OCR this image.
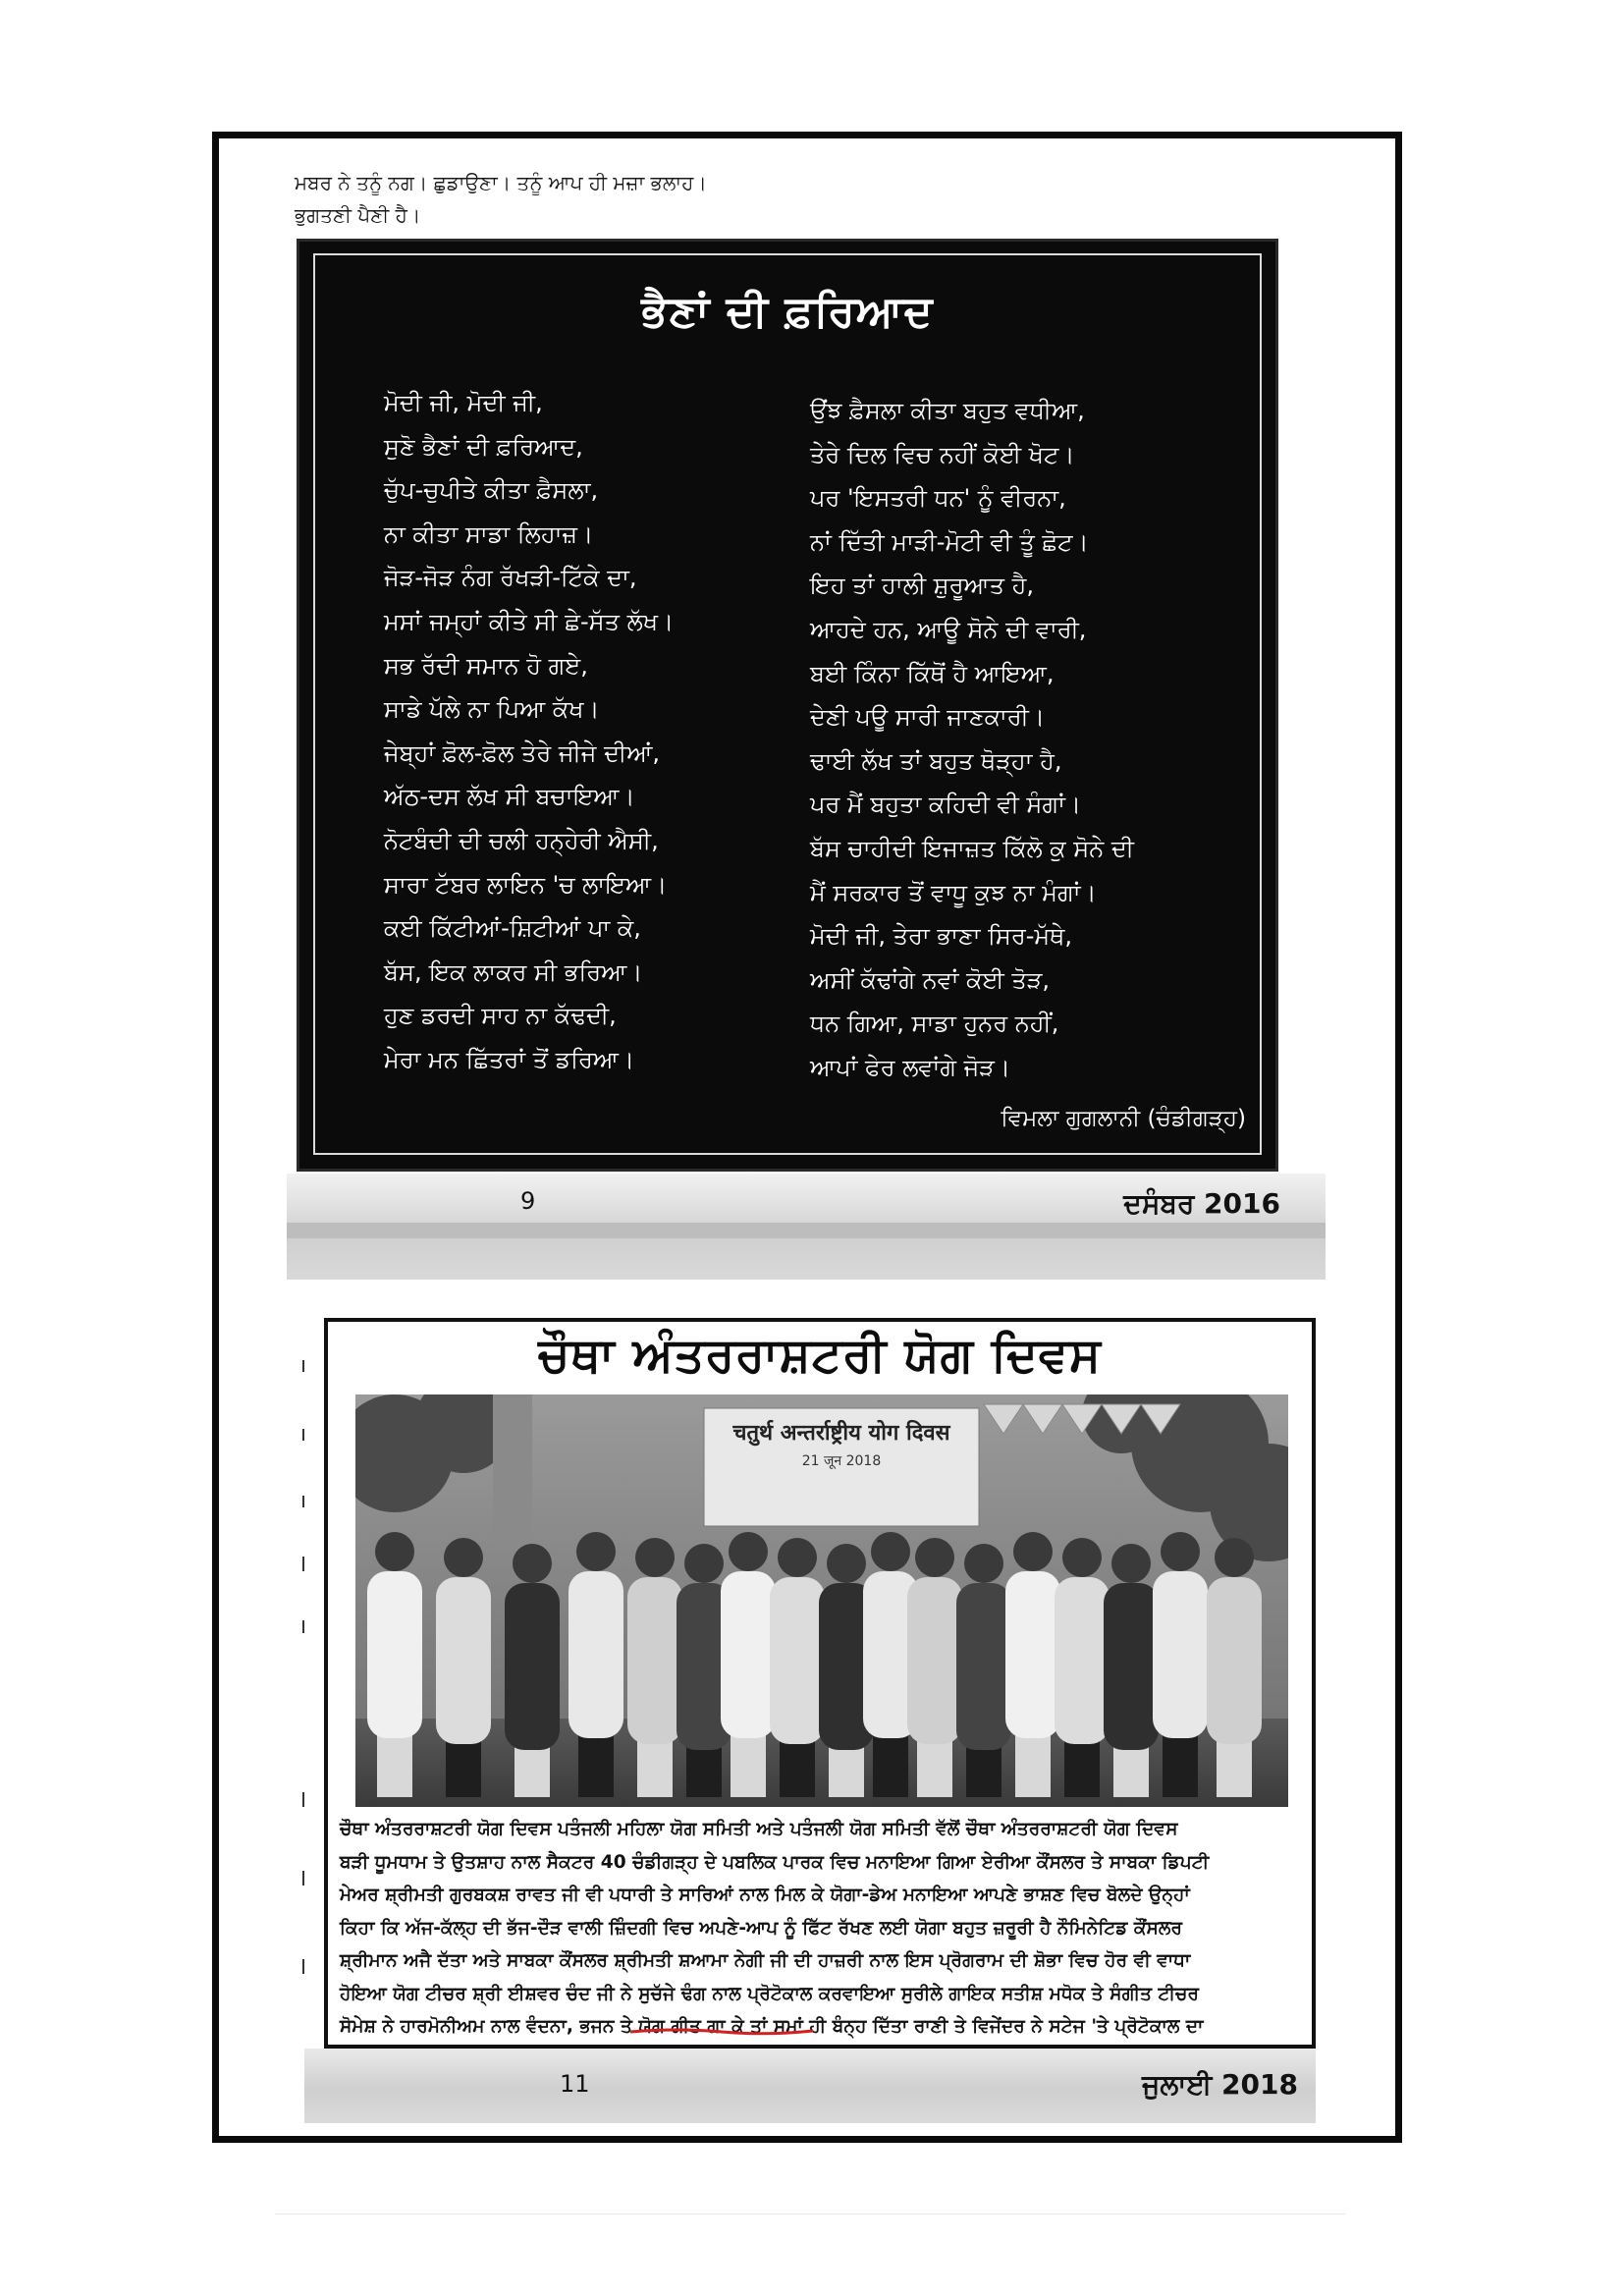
ਮਬਰ ਨੇ ਤਨੂੰ ਨਗ। ਛੁਡਾਉਣਾ। ਤਨੂੰ ਆਪ ਹੀ ਮਜ਼ਾ ਭਲਾਹ।
ਭੁਗਤਣੀ ਪੈਣੀ ਹੈ।
ਭੈਣਾਂ ਦੀ ਫ਼ਰਿਆਦ
ਮੋਦੀ ਜੀ, ਮੋਦੀ ਜੀ,
ਸੁਣੋ ਭੈਣਾਂ ਦੀ ਫ਼ਰਿਆਦ,
ਚੁੱਪ-ਚੁਪੀਤੇ ਕੀਤਾ ਫ਼ੈਸਲਾ,
ਨਾ ਕੀਤਾ ਸਾਡਾ ਲਿਹਾਜ਼।
ਜੋੜ-ਜੋੜ ਨੰਗ ਰੱਖੜੀ-ਟਿੱਕੇ ਦਾ,
ਮਸਾਂ ਜਮ੍ਹਾਂ ਕੀਤੇ ਸੀ ਛੇ-ਸੱਤ ਲੱਖ।
ਸਭ ਰੱਦੀ ਸਮਾਨ ਹੋ ਗਏ,
ਸਾਡੇ ਪੱਲੇ ਨਾ ਪਿਆ ਕੱਖ।
ਜੇਬ੍ਹਾਂ ਫ਼ੋਲ-ਫ਼ੋਲ ਤੇਰੇ ਜੀਜੇ ਦੀਆਂ,
ਅੱਠ-ਦਸ ਲੱਖ ਸੀ ਬਚਾਇਆ।
ਨੋਟਬੰਦੀ ਦੀ ਚਲੀ ਹਨ੍ਹੇਰੀ ਐਸੀ,
ਸਾਰਾ ਟੱਬਰ ਲਾਇਨ 'ਚ ਲਾਇਆ।
ਕਈ ਕਿੱਟੀਆਂ-ਸ਼ਿਟੀਆਂ ਪਾ ਕੇ,
ਬੱਸ, ਇਕ ਲਾਕਰ ਸੀ ਭਰਿਆ।
ਹੁਣ ਡਰਦੀ ਸਾਹ ਨਾ ਕੱਢਦੀ,
ਮੇਰਾ ਮਨ ਛਿੱਤਰਾਂ ਤੋਂ ਡਰਿਆ।
ਉਂਝ ਫ਼ੈਸਲਾ ਕੀਤਾ ਬਹੁਤ ਵਧੀਆ,
ਤੇਰੇ ਦਿਲ ਵਿਚ ਨਹੀਂ ਕੋਈ ਖੋਟ।
ਪਰ 'ਇਸਤਰੀ ਧਨ' ਨੂੰ ਵੀਰਨਾ,
ਨਾਂ ਦਿੱਤੀ ਮਾੜੀ-ਮੋਟੀ ਵੀ ਤੂੰ ਛੋਟ।
ਇਹ ਤਾਂ ਹਾਲੀ ਸ਼ੁਰੂਆਤ ਹੈ,
ਆਹਦੇ ਹਨ, ਆਊ ਸੋਨੇ ਦੀ ਵਾਰੀ,
ਬਈ ਕਿੰਨਾ ਕਿੱਥੋਂ ਹੈ ਆਇਆ,
ਦੇਣੀ ਪਊ ਸਾਰੀ ਜਾਣਕਾਰੀ।
ਢਾਈ ਲੱਖ ਤਾਂ ਬਹੁਤ ਥੋੜ੍ਹਾ ਹੈ,
ਪਰ ਮੈਂ ਬਹੁਤਾ ਕਹਿਦੀ ਵੀ ਸੰਗਾਂ।
ਬੱਸ ਚਾਹੀਦੀ ਇਜਾਜ਼ਤ ਕਿੱਲੋ ਕੁ ਸੋਨੇ ਦੀ
ਮੈਂ ਸਰਕਾਰ ਤੋਂ ਵਾਧੂ ਕੁਝ ਨਾ ਮੰਗਾਂ।
ਮੋਦੀ ਜੀ, ਤੇਰਾ ਭਾਣਾ ਸਿਰ-ਮੱਥੇ,
ਅਸੀਂ ਕੱਢਾਂਗੇ ਨਵਾਂ ਕੋਈ ਤੋੜ,
ਧਨ ਗਿਆ, ਸਾਡਾ ਹੁਨਰ ਨਹੀਂ,
ਆਪਾਂ ਫੇਰ ਲਵਾਂਗੇ ਜੋੜ।
ਵਿਮਲਾ ਗੁਗਲਾਨੀ (ਚੰਡੀਗੜ੍ਹ)
9	ਦਸੰਬਰ 2016
ਚੌਥਾ ਅੰਤਰਰਾਸ਼ਟਰੀ ਯੋਗ ਦਿਵਸ
चतुर्थ अन्तर्राष्ट्रीय योग दिवस
21 जून 2018
ਚੌਥਾ ਅੰਤਰਰਾਸ਼ਟਰੀ ਯੋਗ ਦਿਵਸ ਪਤੰਜਲੀ ਮਹਿਲਾ ਯੋਗ ਸਮਿਤੀ ਅਤੇ ਪਤੰਜਲੀ ਯੋਗ ਸਮਿਤੀ ਵੱਲੋਂ ਚੌਥਾ ਅੰਤਰਰਾਸ਼ਟਰੀ ਯੋਗ ਦਿਵਸ
ਬੜੀ ਧੂਮਧਾਮ ਤੇ ਉਤਸ਼ਾਹ ਨਾਲ ਸੈਕਟਰ 40 ਚੰਡੀਗੜ੍ਹ ਦੇ ਪਬਲਿਕ ਪਾਰਕ ਵਿਚ ਮਨਾਇਆ ਗਿਆ ਏਰੀਆ ਕੌਂਸਲਰ ਤੇ ਸਾਬਕਾ ਡਿਪਟੀ
ਮੇਅਰ ਸ਼੍ਰੀਮਤੀ ਗੁਰਬਕਸ਼ ਰਾਵਤ ਜੀ ਵੀ ਪਧਾਰੀ ਤੇ ਸਾਰਿਆਂ ਨਾਲ ਮਿਲ ਕੇ ਯੋਗਾ-ਡੇਅ ਮਨਾਇਆ ਆਪਣੇ ਭਾਸ਼ਣ ਵਿਚ ਬੋਲਦੇ ਉਨ੍ਹਾਂ
ਕਿਹਾ ਕਿ ਅੱਜ-ਕੱਲ੍ਹ ਦੀ ਭੱਜ-ਦੌੜ ਵਾਲੀ ਜ਼ਿੰਦਗੀ ਵਿਚ ਅਪਣੇ-ਆਪ ਨੂੰ ਫਿੱਟ ਰੱਖਣ ਲਈ ਯੋਗਾ ਬਹੁਤ ਜ਼ਰੂਰੀ ਹੈ ਨੌਮਿਨੇਟਿਡ ਕੌਂਸਲਰ
ਸ਼੍ਰੀਮਾਨ ਅਜੈ ਦੱਤਾ ਅਤੇ ਸਾਬਕਾ ਕੌਂਸਲਰ ਸ਼੍ਰੀਮਤੀ ਸ਼ਆਮਾ ਨੇਗੀ ਜੀ ਦੀ ਹਾਜ਼ਰੀ ਨਾਲ ਇਸ ਪ੍ਰੋਗਰਾਮ ਦੀ ਸ਼ੋਭਾ ਵਿਚ ਹੋਰ ਵੀ ਵਾਧਾ
ਹੋਇਆ ਯੋਗ ਟੀਚਰ ਸ਼੍ਰੀ ਈਸ਼ਵਰ ਚੰਦ ਜੀ ਨੇ ਸੁਚੱਜੇ ਢੰਗ ਨਾਲ ਪ੍ਰੋਟੋਕਾਲ ਕਰਵਾਇਆ ਸੁਰੀਲੇ ਗਾਇਕ ਸਤੀਸ਼ ਮਧੋਕ ਤੇ ਸੰਗੀਤ ਟੀਚਰ
ਸੋਮੇਸ਼ ਨੇ ਹਾਰਮੋਨੀਅਮ ਨਾਲ ਵੰਦਨਾ, ਭਜਨ ਤੇ ਯੋਗ ਗੀਤ ਗਾ ਕੇ ਤਾਂ ਸਮਾਂ ਹੀ ਬੰਨ੍ਹ ਦਿੱਤਾ ਰਾਣੀ ਤੇ ਵਿਜੇਂਦਰ ਨੇ ਸਟੇਜ 'ਤੇ ਪ੍ਰੋਟੋਕਾਲ ਦਾ
11	ਜੁਲਾਈ 2018
